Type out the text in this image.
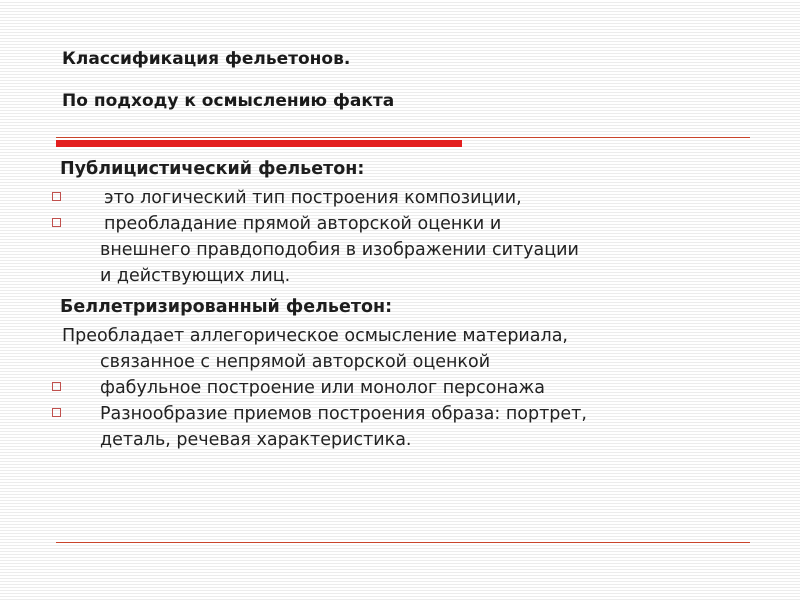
Классификация фельетонов.
По подходу к осмыслению факта
Публицистический фельетон:
это логический тип построения композиции,
преобладание прямой авторской оценки и
внешнего правдоподобия в изображении ситуации
и действующих лиц.
Беллетризированный фельетон:
Преобладает аллегорическое осмысление материала,
связанное с непрямой авторской оценкой
фабульное построение или монолог персонажа
Разнообразие приемов построения образа: портрет,
деталь, речевая характеристика.
